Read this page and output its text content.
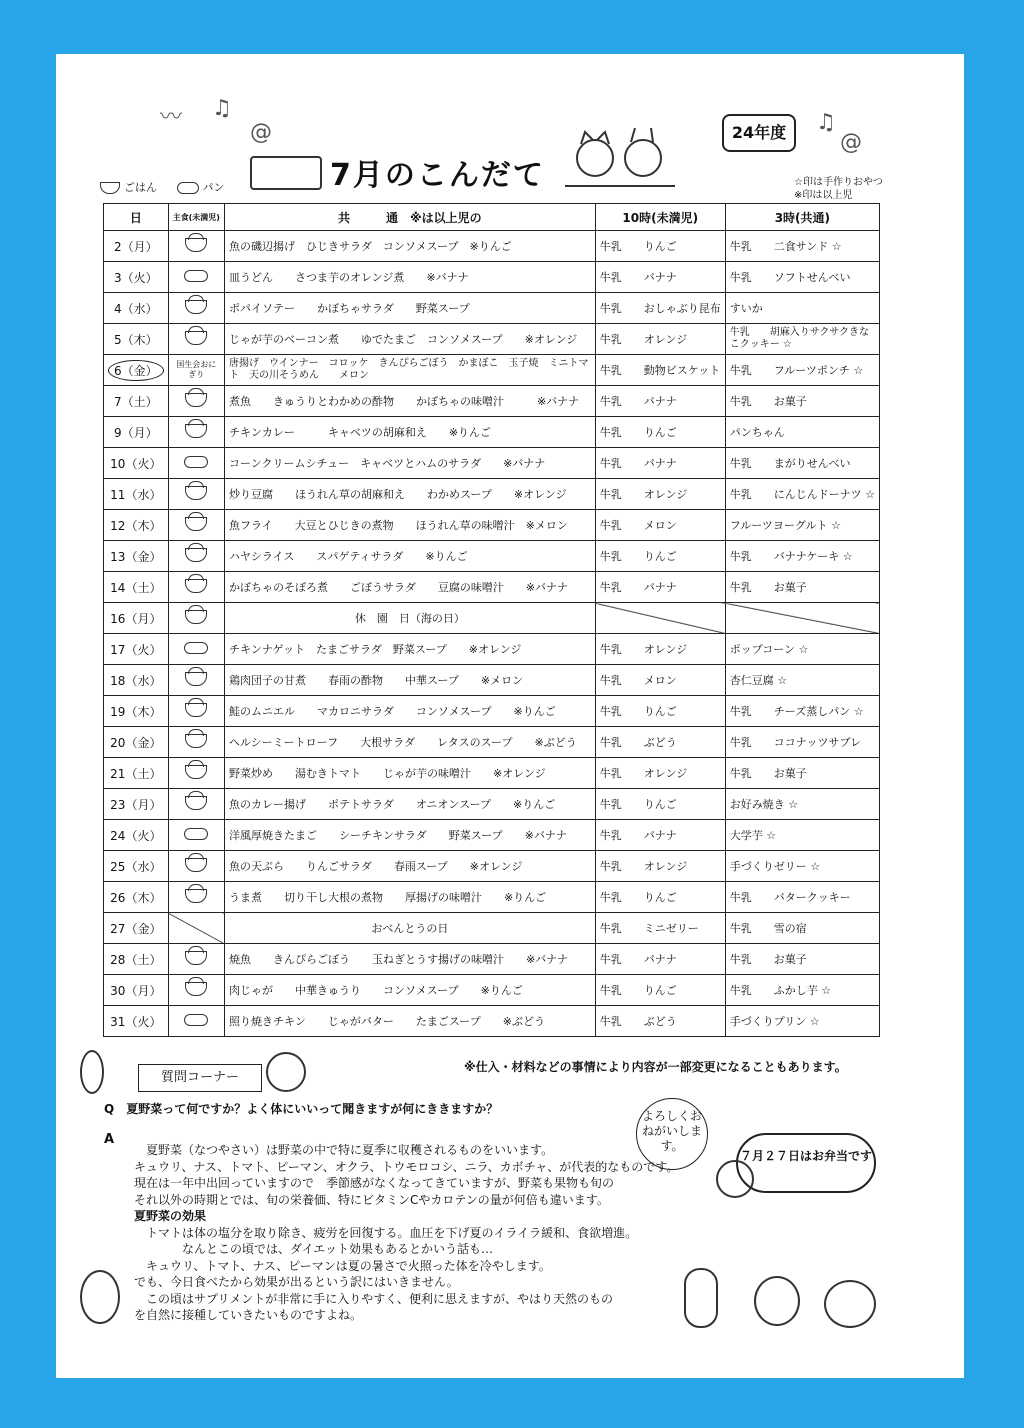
〰 ♫
@	♫
@
7月のこんだて
24年度
ごはん	パン	☆印は手作りおやつ
※印は以上児
日	主食(未満児)	共　　　通　※は以上児の	10時(未満児)	3時(共通)
2（月）		魚の磯辺揚げ　ひじきサラダ　コンソメスープ　※りんご	牛乳　　りんご	牛乳　　二食サンド ☆
3（火）		皿うどん　　さつま芋のオレンジ煮　　※バナナ	牛乳　　バナナ	牛乳　　ソフトせんべい
4（水）		ポパイソテー　　かぼちゃサラダ　　野菜スープ	牛乳　　おしゃぶり昆布	すいか
5（木）		じゃが芋のベーコン煮　　ゆでたまご　コンソメスープ　　※オレンジ	牛乳　　オレンジ	牛乳　　胡麻入りサクサクきなこクッキー ☆
6（金）	国生会おにぎり	唐揚げ　ウインナー　コロッケ　きんぴらごぼう　かまぼこ　玉子焼　ミニトマト　天の川そうめん　　メロン	牛乳　　動物ビスケット	牛乳　　フルーツポンチ ☆
7（土）		煮魚　　きゅうりとわかめの酢物　　かぼちゃの味噌汁　　　※バナナ	牛乳　　バナナ	牛乳　　お菓子
9（月）		チキンカレー　　　キャベツの胡麻和え　　※りんご	牛乳　　りんご	パンちゃん
10（火）		コーンクリームシチュー　キャベツとハムのサラダ　　※バナナ	牛乳　　バナナ	牛乳　　まがりせんべい
11（水）		炒り豆腐　　ほうれん草の胡麻和え　　わかめスープ　　※オレンジ	牛乳　　オレンジ	牛乳　　にんじんドーナツ ☆
12（木）		魚フライ　　大豆とひじきの煮物　　ほうれん草の味噌汁　※メロン	牛乳　　メロン	フルーツヨーグルト ☆
13（金）		ハヤシライス　　スパゲティサラダ　　※りんご	牛乳　　りんご	牛乳　　バナナケーキ ☆
14（土）		かぼちゃのそぼろ煮　　ごぼうサラダ　　豆腐の味噌汁　　※バナナ	牛乳　　バナナ	牛乳　　お菓子
16（月）		休　園　日（海の日）		
17（火）		チキンナゲット　たまごサラダ　野菜スープ　　※オレンジ	牛乳　　オレンジ	ポップコーン ☆
18（水）		鶏肉団子の甘煮　　春雨の酢物　　中華スープ　　※メロン	牛乳　　メロン	杏仁豆腐 ☆
19（木）		鮭のムニエル　　マカロニサラダ　　コンソメスープ　　※りんご	牛乳　　りんご	牛乳　　チーズ蒸しパン ☆
20（金）		ヘルシーミートローフ　　大根サラダ　　レタスのスープ　　※ぶどう	牛乳　　ぶどう	牛乳　　ココナッツサブレ
21（土）		野菜炒め　　湯むきトマト　　じゃが芋の味噌汁　　※オレンジ	牛乳　　オレンジ	牛乳　　お菓子
23（月）		魚のカレー揚げ　　ポテトサラダ　　オニオンスープ　　※りんご	牛乳　　りんご	お好み焼き ☆
24（火）		洋風厚焼きたまご　　シーチキンサラダ　　野菜スープ　　※バナナ	牛乳　　バナナ	大学芋 ☆
25（水）		魚の天ぷら　　りんごサラダ　　春雨スープ　　※オレンジ	牛乳　　オレンジ	手づくりゼリー ☆
26（木）		うま煮　　切り干し大根の煮物　　厚揚げの味噌汁　　※りんご	牛乳　　りんご	牛乳　　バタークッキー
27（金）		おべんとうの日	牛乳　　ミニゼリー	牛乳　　雪の宿
28（土）		焼魚　　きんぴらごぼう　　玉ねぎとうす揚げの味噌汁　　※バナナ	牛乳　　バナナ	牛乳　　お菓子
30（月）		肉じゃが　　中華きゅうり　　コンソメスープ　　※りんご	牛乳　　りんご	牛乳　　ふかし芋 ☆
31（火）		照り焼きチキン　　じゃがバター　　たまごスープ　　※ぶどう	牛乳　　ぶどう	手づくりプリン ☆
※仕入・材料などの事情により内容が一部変更になることもあります。
質問コーナー
Q　夏野菜って何ですか？よく体にいいって聞きますが何にききますか？
A
　夏野菜（なつやさい）は野菜の中で特に夏季に収穫されるものをいいます。
キュウリ、ナス、トマト、ピーマン、オクラ、トウモロコシ、ニラ、カボチャ、が代表的なものです。
現在は一年中出回っていますので　季節感がなくなってきていますが、野菜も果物も旬の
それ以外の時期とでは、旬の栄養価、特にビタミンCやカロテンの量が何倍も違います。
夏野菜の効果
　トマトは体の塩分を取り除き、疲労を回復する。血圧を下げ夏のイライラ緩和、食欲増進。
　　　　なんとこの頃では、ダイエット効果もあるとかいう話も…
　キュウリ、トマト、ナス、ピーマンは夏の暑さで火照った体を冷やします。
でも、今日食べたから効果が出るという訳にはいきません。
　この頃はサプリメントが非常に手に入りやすく、便利に思えますが、やはり天然のもの
を自然に接種していきたいものですよね。
よろしくおねがいします。
７月２７日はお弁当です
